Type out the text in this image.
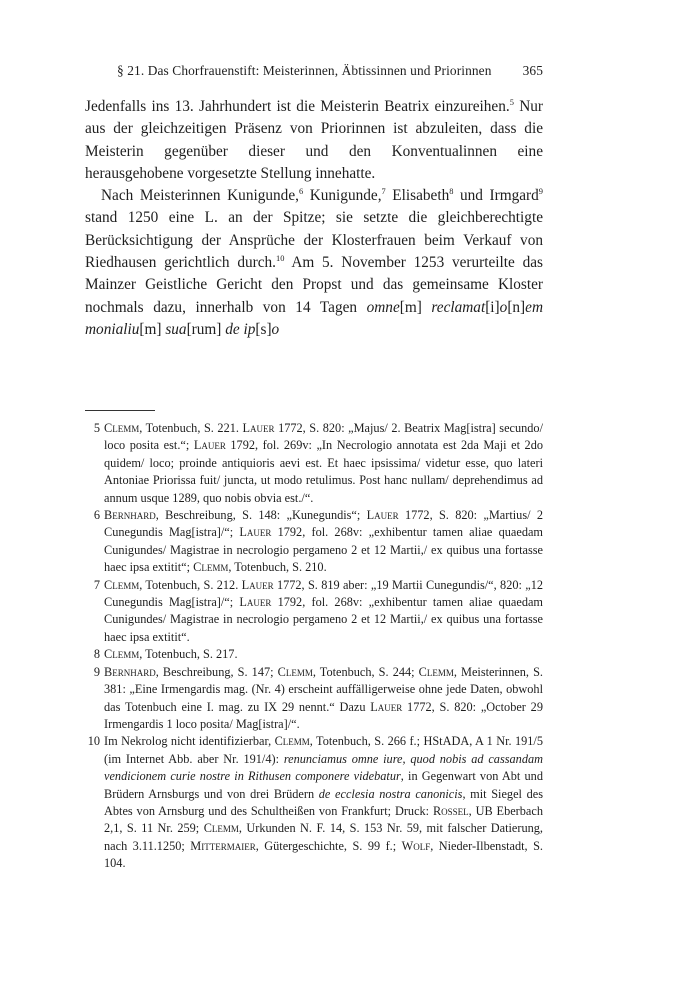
§ 21. Das Chorfrauenstift: Meisterinnen, Äbtissinnen und Priorinnen 365

Jedenfalls ins 13. Jahrhundert ist die Meisterin Beatrix einzureihen.$^5$ Nur aus der gleichzeitigen Präsenz von Priorinnen ist abzuleiten, dass die Meisterin gegenüber dieser und den Konventualinnen eine herausgehobene vorgesetzte Stellung innehatte.

Nach Meisterinnen Kunigunde,$^6$ Kunigunde,$^7$ Elisabeth$^8$ und Irmgard$^9$ stand 1250 eine L. an der Spitze; sie setzte die gleichberechtigte Berücksichtigung der Ansprüche der Klosterfrauen beim Verkauf von Riedhausen gerichtlich durch.$^{10}$ Am 5. November 1253 verurteilte das Mainzer Geistliche Gericht den Propst und das gemeinsame Kloster nochmals dazu, innerhalb von 14 Tagen omne[m] reclamat[i]o[n]em monialiu[m] sua[rum] de ip[s]o

5 Clemm, Totenbuch, S. 221. Lauer 1772, S. 820: „Majus/ 2. Beatrix Mag[istra] secundo/ loco posita est.“; Lauer 1792, fol. 269v: „In Necrologio annotata est 2da Maji et 2do quidem/ loco; proinde antiquioris aevi est. Et haec ipsissima/ videtur esse, quo lateri Antoniae Priorissa fuit/ juncta, ut modo retulimus. Post hanc nullam/ deprehendimus ad annum usque 1289, quo nobis obvia est./“.
6 Bernhard, Beschreibung, S. 148: „Kunegundis“; Lauer 1772, S. 820: „Martius/ 2 Cunegundis Mag[istra]/“; Lauer 1792, fol. 268v: „exhibentur tamen aliae quaedam Cunigundes/ Magistrae in necrologio pergameno 2 et 12 Martii,/ ex quibus una fortasse haec ipsa extitit“; Clemm, Totenbuch, S. 210.
7 Clemm, Totenbuch, S. 212. Lauer 1772, S. 819 aber: „19 Martii Cunegundis/“, 820: „12 Cunegundis Mag[istra]/“; Lauer 1792, fol. 268v: „exhibentur tamen aliae quaedam Cunigundes/ Magistrae in necrologio pergameno 2 et 12 Martii,/ ex quibus una fortasse haec ipsa extitit“.
8 Clemm, Totenbuch, S. 217.
9 Bernhard, Beschreibung, S. 147; Clemm, Totenbuch, S. 244; Clemm, Meisterinnen, S. 381: „Eine Irmengardis mag. (Nr. 4) erscheint auffälligerweise ohne jede Daten, obwohl das Totenbuch eine I. mag. zu IX 29 nennt.“ Dazu Lauer 1772, S. 820: „October 29 Irmengardis 1 loco posita/ Mag[istra]/“.
10 Im Nekrolog nicht identifizierbar, Clemm, Totenbuch, S. 266 f.; HStADA, A 1 Nr. 191/5 (im Internet Abb. aber Nr. 191/4): renunciamus omne iure, quod nobis ad cassandam vendicionem curie nostre in Rithusen componere videbatur, in Gegenwart von Abt und Brüdern Arnsburgs und von drei Brüdern de ecclesia nostra canonicis, mit Siegel des Abtes von Arnsburg und des Schultheißen von Frankfurt; Druck: Rossel, UB Eberbach 2,1, S. 11 Nr. 259; Clemm, Urkunden N. F. 14, S. 153 Nr. 59, mit falscher Datierung, nach 3.11.1250; Mittermaier, Gütergeschichte, S. 99 f.; Wolf, Nieder-Ilbenstadt, S. 104.
